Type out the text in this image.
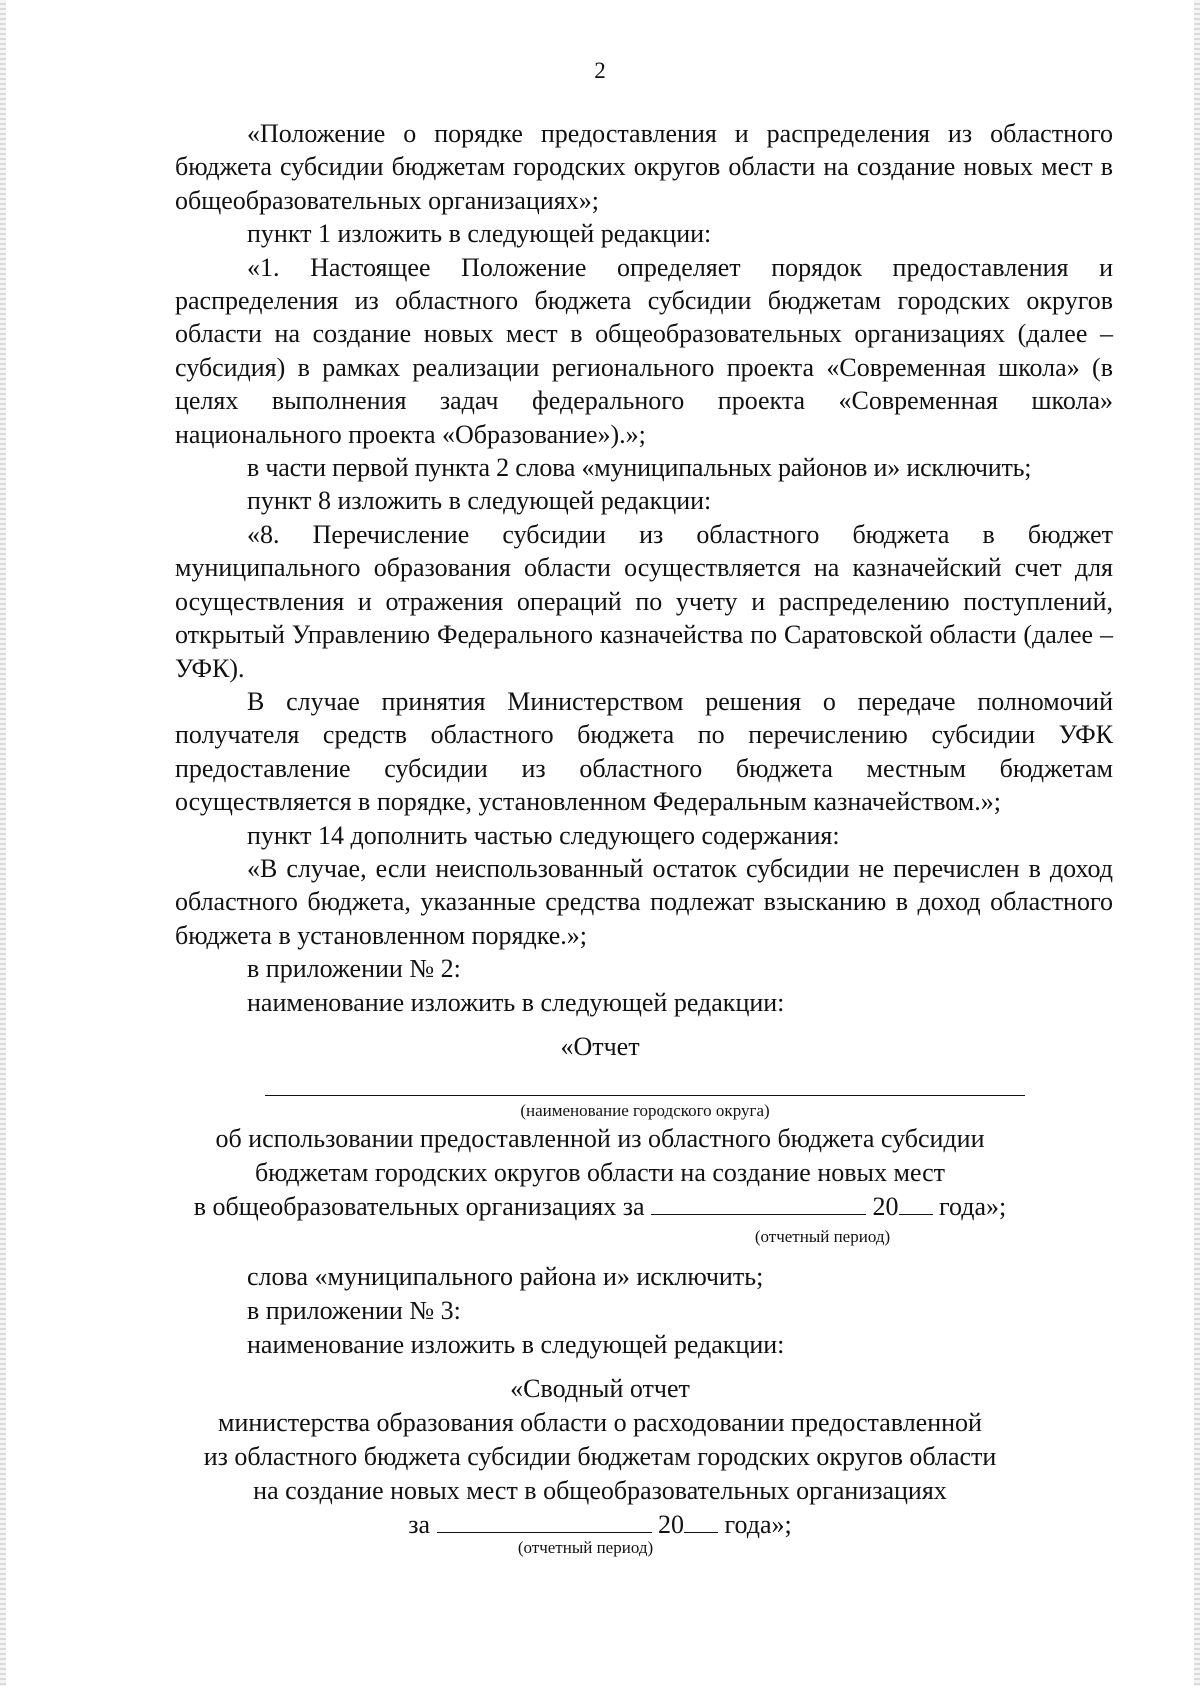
2

«Положение о порядке предоставления и распределения из областного бюджета субсидии бюджетам городских округов области на создание новых мест в общеобразовательных организациях»;

пункт 1 изложить в следующей редакции:

«1. Настоящее Положение определяет порядок предоставления и распределения из областного бюджета субсидии бюджетам городских округов области на создание новых мест в общеобразовательных организациях (далее – субсидия) в рамках реализации регионального проекта «Современная школа» (в целях выполнения задач федерального проекта «Современная школа» национального проекта «Образование»).»;

в части первой пункта 2 слова «муниципальных районов и» исключить;

пункт 8 изложить в следующей редакции:

«8. Перечисление субсидии из областного бюджета в бюджет муниципального образования области осуществляется на казначейский счет для осуществления и отражения операций по учету и распределению поступлений, открытый Управлению Федерального казначейства по Саратовской области (далее – УФК).

В случае принятия Министерством решения о передаче полномочий получателя средств областного бюджета по перечислению субсидии УФК предоставление субсидии из областного бюджета местным бюджетам осуществляется в порядке, установленном Федеральным казначейством.»;

пункт 14 дополнить частью следующего содержания:

«В случае, если неиспользованный остаток субсидии не перечислен в доход областного бюджета, указанные средства подлежат взысканию в доход областного бюджета в установленном порядке.»;

в приложении № 2:

наименование изложить в следующей редакции:

«Отчет
(наименование городского округа)
об использовании предоставленной из областного бюджета субсидии
бюджетам городских округов области на создание новых мест
в общеобразовательных организациях за	20 года»;
(отчетный период)

слова «муниципального района и» исключить;

в приложении № 3:

наименование изложить в следующей редакции:

«Сводный отчет
министерства образования области о расходовании предоставленной
из областного бюджета субсидии бюджетам городских округов области
на создание новых мест в общеобразовательных организациях
за	20 года»;
(отчетный период)
